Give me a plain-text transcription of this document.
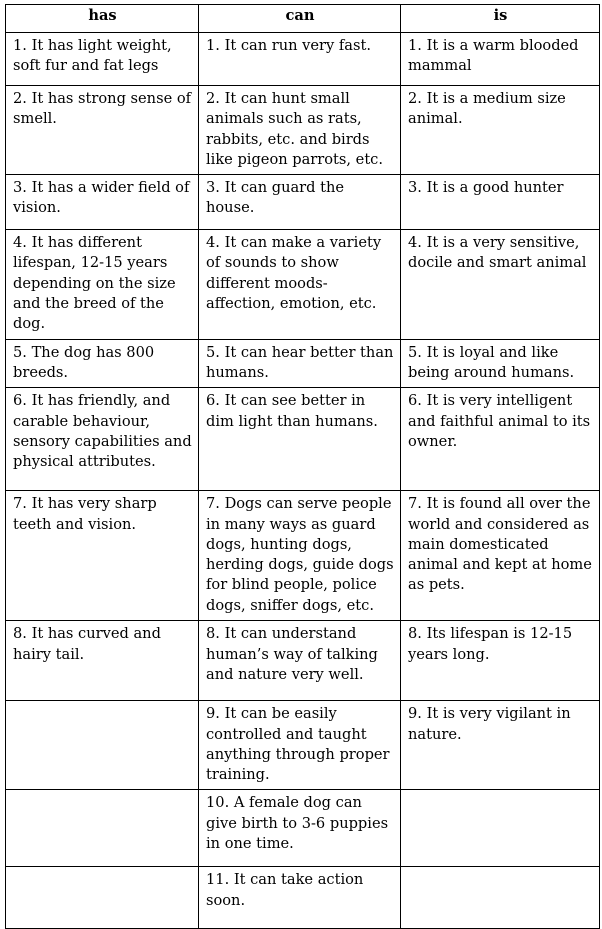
has	can	is
1. It has light weight, soft fur and fat legs	1. It can run very fast.	1. It is a warm blooded mammal
2. It has strong sense of smell.	2. It can hunt small animals such as rats, rabbits, etc. and birds like pigeon parrots, etc.	2. It is a medium size animal.
3. It has a wider field of vision.	3. It can guard the house.	3. It is a good hunter
4. It has different lifespan, 12-15 years depending on the size and the breed of the dog.	4. It can make a variety of sounds to show different moods-affection, emotion, etc.	4. It is a very sensitive, docile and smart animal
5. The dog has 800 breeds.	5. It can hear better than humans.	5. It is loyal and like being around humans.
6. It has friendly, and carable behaviour, sensory capabilities and physical attributes.	6. It can see better in dim light than humans.	6. It is very intelligent and faithful animal to its owner.
7. It has very sharp teeth and vision.	7. Dogs can serve people in many ways as guard dogs, hunting dogs, herding dogs, guide dogs for blind people, police dogs, sniffer dogs, etc.	7. It is found all over the world and considered as main domesticated animal and kept at home as pets.
8. It has curved and hairy tail.	8. It can understand human’s way of talking and nature very well.	8. Its lifespan is 12-15 years long.
	9. It can be easily controlled and taught anything through proper training.	9. It is very vigilant in nature.
	10. A female dog can give birth to 3-6 puppies in one time.	
	11. It can take action soon.	
